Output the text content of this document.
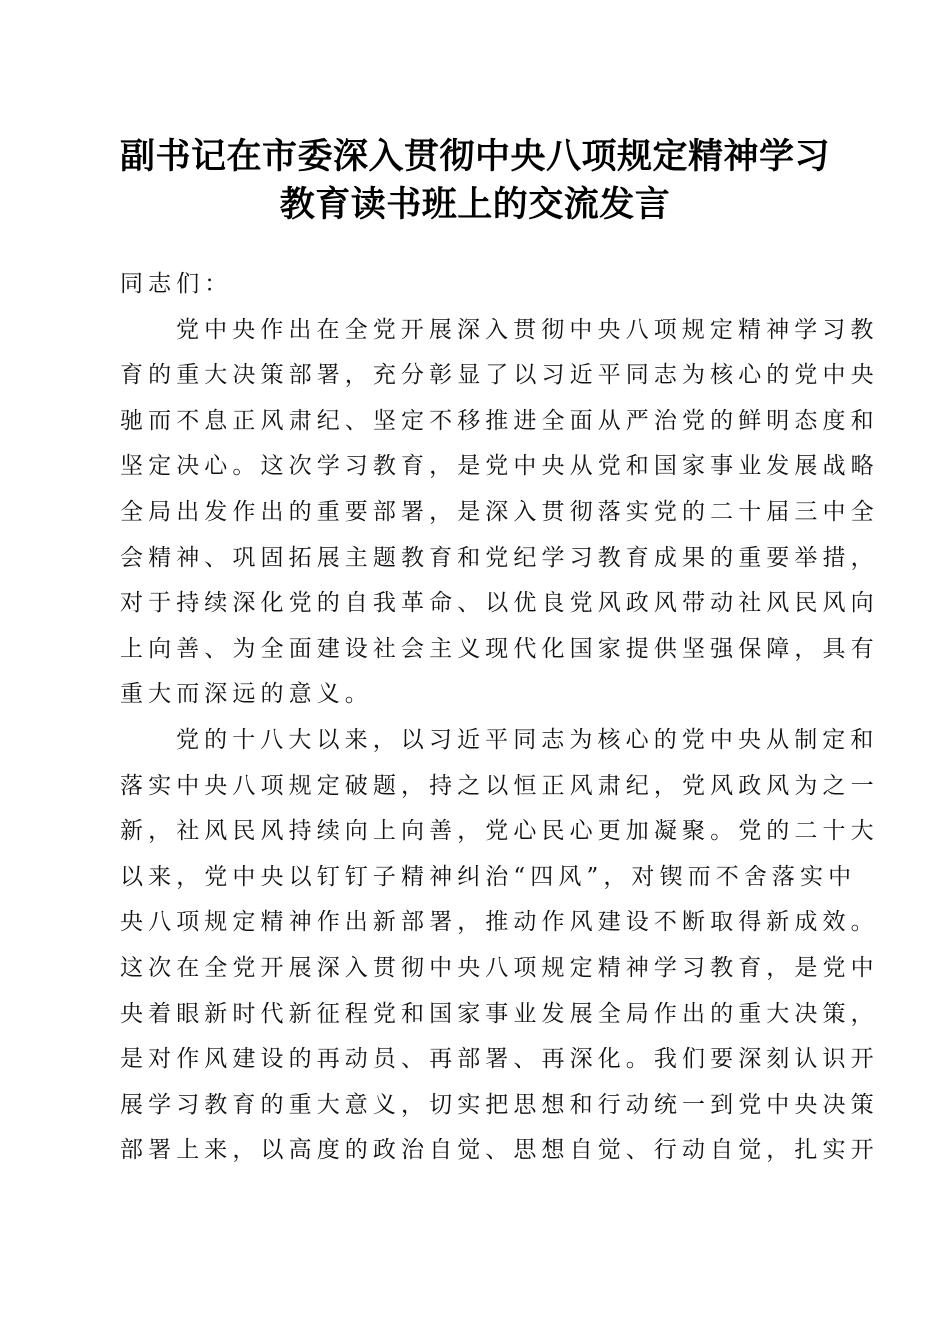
副书记在市委深入贯彻中央八项规定精神学习
教育读书班上的交流发言

同志们：

党中央作出在全党开展深入贯彻中央八项规定精神学习教
育的重大决策部署，充分彰显了以习近平同志为核心的党中央
驰而不息正风肃纪、坚定不移推进全面从严治党的鲜明态度和
坚定决心。这次学习教育，是党中央从党和国家事业发展战略
全局出发作出的重要部署，是深入贯彻落实党的二十届三中全
会精神、巩固拓展主题教育和党纪学习教育成果的重要举措，
对于持续深化党的自我革命、以优良党风政风带动社风民风向
上向善、为全面建设社会主义现代化国家提供坚强保障，具有
重大而深远的意义。

党的十八大以来，以习近平同志为核心的党中央从制定和
落实中央八项规定破题，持之以恒正风肃纪，党风政风为之一
新，社风民风持续向上向善，党心民心更加凝聚。党的二十大
以来，党中央以钉钉子精神纠治“四风”，对锲而不舍落实中
央八项规定精神作出新部署，推动作风建设不断取得新成效。
这次在全党开展深入贯彻中央八项规定精神学习教育，是党中
央着眼新时代新征程党和国家事业发展全局作出的重大决策，
是对作风建设的再动员、再部署、再深化。我们要深刻认识开
展学习教育的重大意义，切实把思想和行动统一到党中央决策
部署上来，以高度的政治自觉、思想自觉、行动自觉，扎实开
